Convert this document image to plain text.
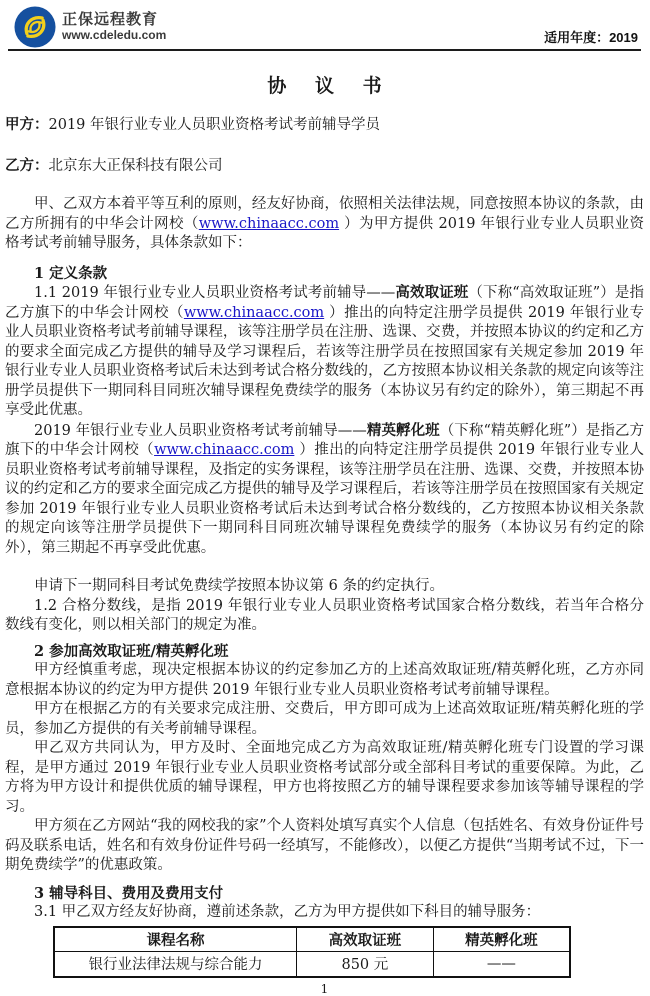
正保远程教育
www.cdeledu.com	适用年度：2019
协 议 书

甲方：2019 年银行业专业人员职业资格考试考前辅导学员

乙方：北京东大正保科技有限公司

甲、乙双方本着平等互利的原则，经友好协商，依照相关法律法规，同意按照本协议的条款，由乙方所拥有的中华会计网校（www.chinaacc.com ）为甲方提供 2019 年银行业专业人员职业资格考试考前辅导服务，具体条款如下：

1 定义条款

1.1 2019 年银行业专业人员职业资格考试考前辅导——高效取证班（下称“高效取证班”）是指乙方旗下的中华会计网校（www.chinaacc.com ）推出的向特定注册学员提供 2019 年银行业专业人员职业资格考试考前辅导课程，该等注册学员在注册、选课、交费，并按照本协议的约定和乙方的要求全面完成乙方提供的辅导及学习课程后，若该等注册学员在按照国家有关规定参加 2019 年银行业专业人员职业资格考试后未达到考试合格分数线的，乙方按照本协议相关条款的规定向该等注册学员提供下一期同科目同班次辅导课程免费续学的服务（本协议另有约定的除外），第三期起不再享受此优惠。

2019 年银行业专业人员职业资格考试考前辅导——精英孵化班（下称“精英孵化班”）是指乙方旗下的中华会计网校（www.chinaacc.com ）推出的向特定注册学员提供 2019 年银行业专业人员职业资格考试考前辅导课程，及指定的实务课程，该等注册学员在注册、选课、交费，并按照本协议的约定和乙方的要求全面完成乙方提供的辅导及学习课程后，若该等注册学员在按照国家有关规定参加 2019 年银行业专业人员职业资格考试后未达到考试合格分数线的，乙方按照本协议相关条款的规定向该等注册学员提供下一期同科目同班次辅导课程免费续学的服务（本协议另有约定的除外），第三期起不再享受此优惠。

申请下一期同科目考试免费续学按照本协议第 6 条的约定执行。

1.2 合格分数线，是指 2019 年银行业专业人员职业资格考试国家合格分数线，若当年合格分数线有变化，则以相关部门的规定为准。

2 参加高效取证班/精英孵化班

甲方经慎重考虑，现决定根据本协议的约定参加乙方的上述高效取证班/精英孵化班，乙方亦同意根据本协议的约定为甲方提供 2019 年银行业专业人员职业资格考试考前辅导课程。

甲方在根据乙方的有关要求完成注册、交费后，甲方即可成为上述高效取证班/精英孵化班的学员，参加乙方提供的有关考前辅导课程。

甲乙双方共同认为，甲方及时、全面地完成乙方为高效取证班/精英孵化班专门设置的学习课程，是甲方通过 2019 年银行业专业人员职业资格考试部分或全部科目考试的重要保障。为此，乙方将为甲方设计和提供优质的辅导课程，甲方也将按照乙方的辅导课程要求参加该等辅导课程的学习。

甲方须在乙方网站“我的网校我的家”个人资料处填写真实个人信息（包括姓名、有效身份证件号码及联系电话，姓名和有效身份证件号码一经填写，不能修改），以便乙方提供“当期考试不过，下一期免费续学”的优惠政策。

3 辅导科目、费用及费用支付

3.1 甲乙双方经友好协商，遵前述条款，乙方为甲方提供如下科目的辅导服务：

课程名称	高效取证班	精英孵化班
银行业法律法规与综合能力	850 元	——
1
